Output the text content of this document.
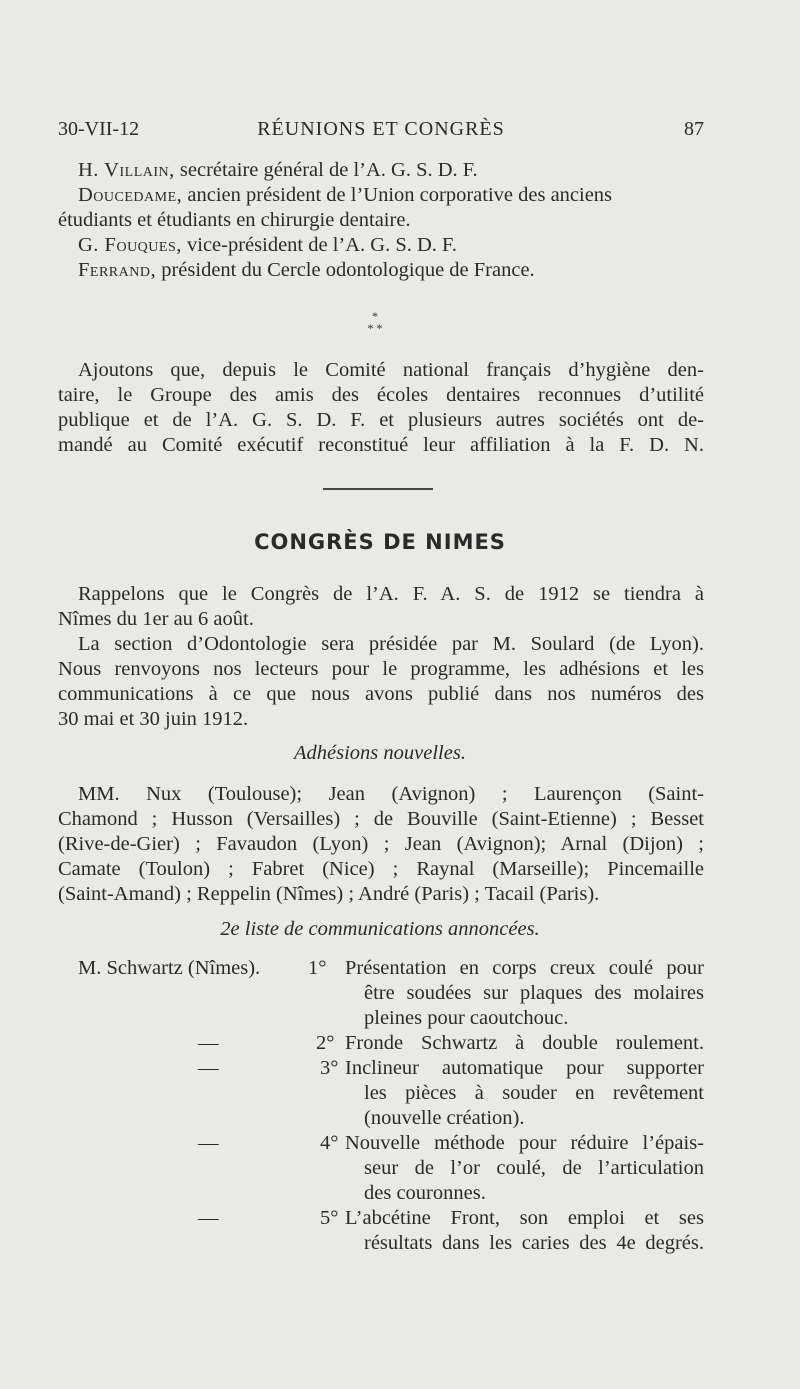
30-VII-12	RÉUNIONS ET CONGRÈS	87
H. Villain, secrétaire général de l’A. G. S. D. F.
Doucedame, ancien président de l’Union corporative des anciens
étudiants et étudiants en chirurgie dentaire.
G. Fouques, vice-président de l’A. G. S. D. F.
Ferrand, président du Cercle odontologique de France.
*
* *
Ajoutons que, depuis le Comité national français d’hygiène den-
taire, le Groupe des amis des écoles dentaires reconnues d’utilité
publique et de l’A. G. S. D. F. et plusieurs autres sociétés ont de-
mandé au Comité exécutif reconstitué leur affiliation à la F. D. N.
CONGRÈS DE NIMES
Rappelons que le Congrès de l’A. F. A. S. de 1912 se tiendra à
Nîmes du 1er au 6 août.
La section d’Odontologie sera présidée par M. Soulard (de Lyon).
Nous renvoyons nos lecteurs pour le programme, les adhésions et les
communications à ce que nous avons publié dans nos numéros des
30 mai et 30 juin 1912.
Adhésions nouvelles.
MM. Nux (Toulouse); Jean (Avignon) ; Laurençon (Saint-
Chamond ; Husson (Versailles) ; de Bouville (Saint-Etienne) ; Besset
(Rive-de-Gier) ; Favaudon (Lyon) ; Jean (Avignon); Arnal (Dijon) ;
Camate (Toulon) ; Fabret (Nice) ; Raynal (Marseille); Pincemaille
(Saint-Amand) ; Reppelin (Nîmes) ; André (Paris) ; Tacail (Paris).
2e liste de communications annoncées.
M. Schwartz (Nîmes). 1° Présentation en corps creux coulé pour
être soudées sur plaques des molaires
pleines pour caoutchouc.
—	2° Fronde Schwartz à double roulement.
—	3° Inclineur automatique pour supporter
les pièces à souder en revêtement
(nouvelle création).
—	4° Nouvelle méthode pour réduire l’épais-
seur de l’or coulé, de l’articulation
des couronnes.
—	5° L’abcétine Front, son emploi et ses
résultats dans les caries des 4e degrés.
